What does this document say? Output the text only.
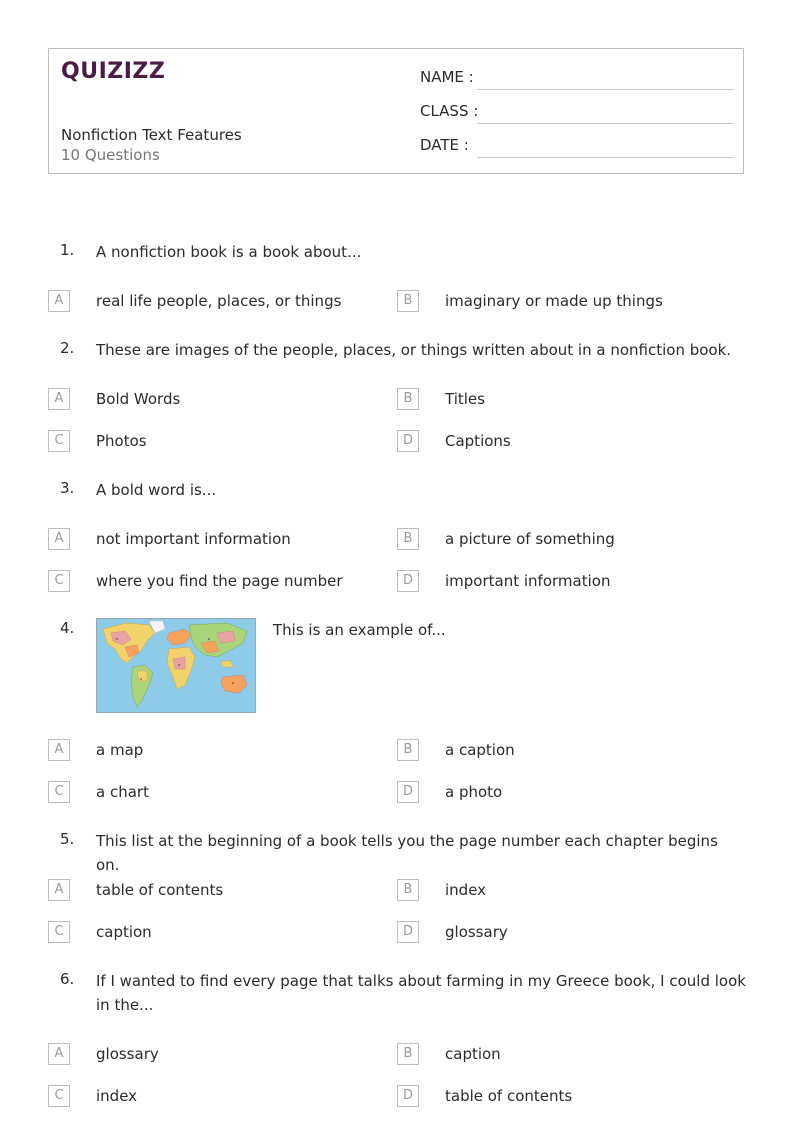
QUIZIZZ
Nonfiction Text Features
10 Questions
NAME :
CLASS :
DATE :
1. A nonfiction book is a book about...
A	real life people, places, or things	B	imaginary or made up things
2. These are images of the people, places, or things written about in a nonfiction book.
A	Bold Words	B	Titles
C	Photos	D	Captions
3. A bold word is...
A	not important information	B	a picture of something
C	where you find the page number	D	important information
4.	This is an example of...
A	a map	B	a caption
C	a chart	D	a photo
5. This list at the beginning of a book tells you the page number each chapter begins on.
A	table of contents	B	index
C	caption	D	glossary
6. If I wanted to find every page that talks about farming in my Greece book, I could look in the...
A	glossary	B	caption
C	index	D	table of contents
